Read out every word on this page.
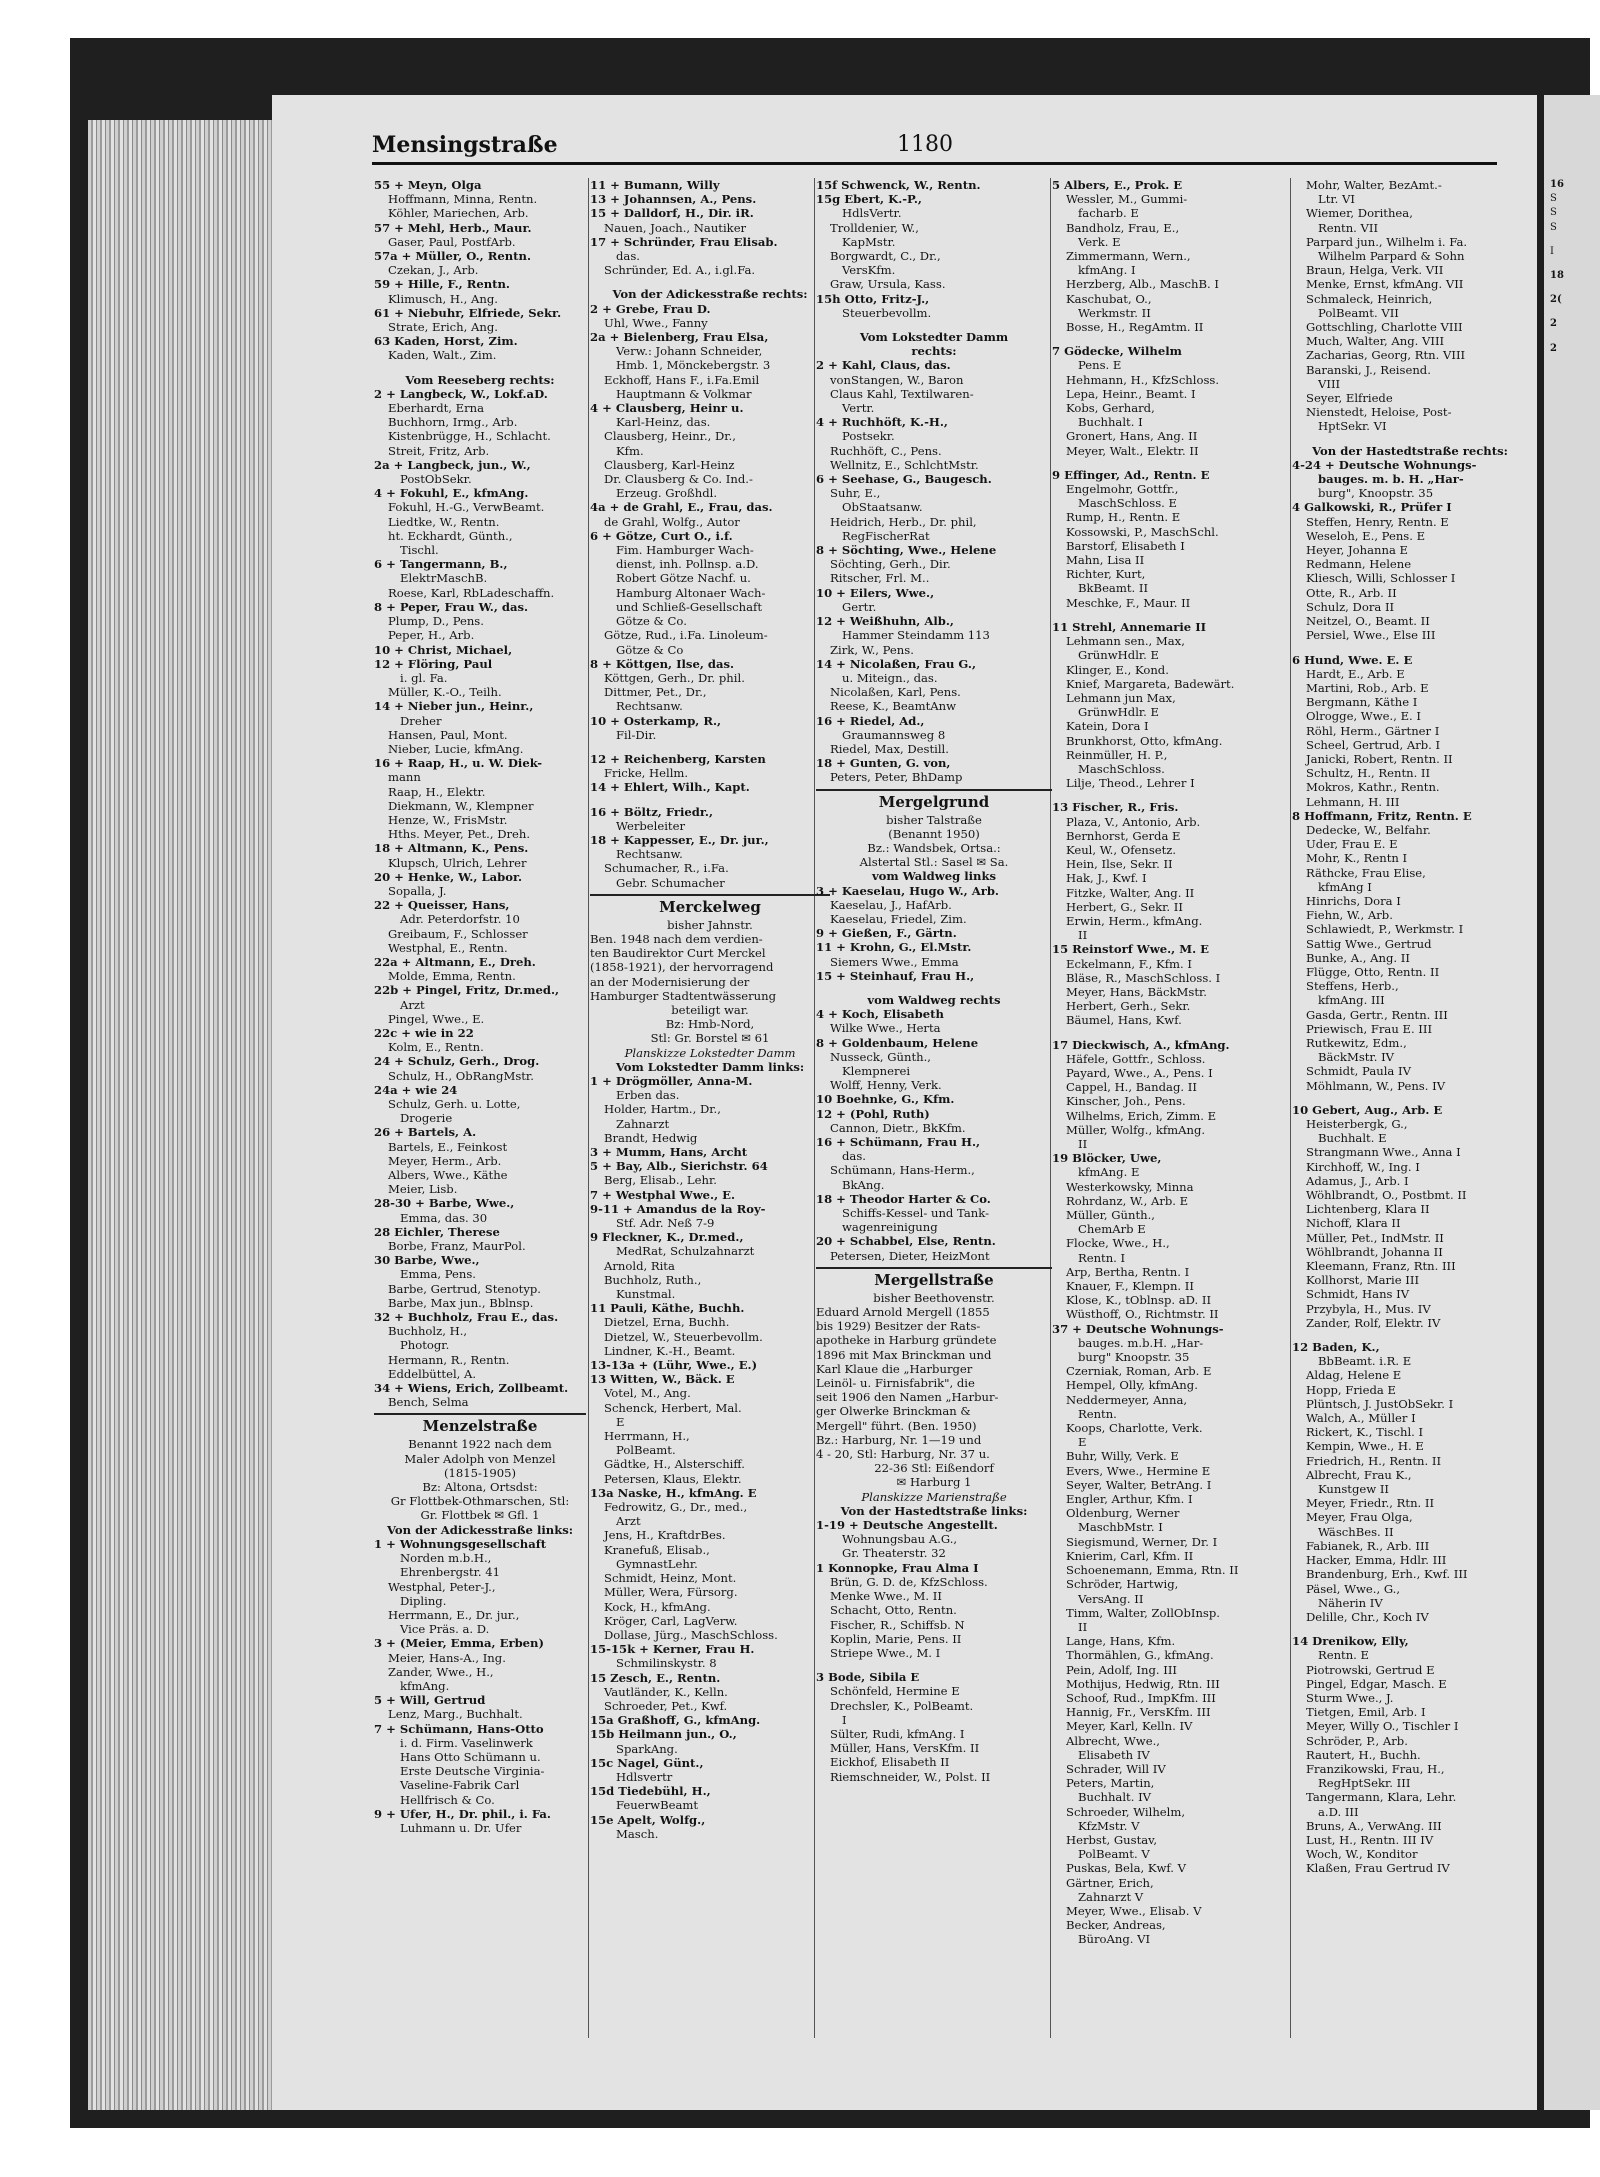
Mensingstraße	1180
55 + Meyn, Olga
Hoffmann, Minna, Rentn.
Köhler, Mariechen, Arb.
57 + Mehl, Herb., Maur.
Gaser, Paul, PostfArb.
57a + Müller, O., Rentn.
Czekan, J., Arb.
59 + Hille, F., Rentn.
Klimusch, H., Ang.
61 + Niebuhr, Elfriede, Sekr.
Strate, Erich, Ang.
63 Kaden, Horst, Zim.
Kaden, Walt., Zim.
Vom Reeseberg rechts:
2 + Langbeck, W., Lokf.aD.
Eberhardt, Erna
Buchhorn, Irmg., Arb.
Kistenbrügge, H., Schlacht.
Streit, Fritz, Arb.
2a + Langbeck, jun., W.,
PostObSekr.
4 + Fokuhl, E., kfmAng.
Fokuhl, H.-G., VerwBeamt.
Liedtke, W., Rentn.
ht. Eckhardt, Günth.,
Tischl.
6 + Tangermann, B.,
ElektrMaschB.
Roese, Karl, RbLadeschaffn.
8 + Peper, Frau W., das.
Plump, D., Pens.
Peper, H., Arb.
10 + Christ, Michael,
12 + Flöring, Paul
i. gl. Fa.
Müller, K.-O., Teilh.
14 + Nieber jun., Heinr.,
Dreher
Hansen, Paul, Mont.
Nieber, Lucie, kfmAng.
16 + Raap, H., u. W. Diek-
mann
Raap, H., Elektr.
Diekmann, W., Klempner
Henze, W., FrisMstr.
Hths. Meyer, Pet., Dreh.
18 + Altmann, K., Pens.
Klupsch, Ulrich, Lehrer
20 + Henke, W., Labor.
Sopalla, J.
22 + Queisser, Hans,
Adr. Peterdorfstr. 10
Greibaum, F., Schlosser
Westphal, E., Rentn.
22a + Altmann, E., Dreh.
Molde, Emma, Rentn.
22b + Pingel, Fritz, Dr.med.,
Arzt
Pingel, Wwe., E.
22c + wie in 22
Kolm, E., Rentn.
24 + Schulz, Gerh., Drog.
Schulz, H., ObRangMstr.
24a + wie 24
Schulz, Gerh. u. Lotte,
Drogerie
26 + Bartels, A.
Bartels, E., Feinkost
Meyer, Herm., Arb.
Albers, Wwe., Käthe
Meier, Lisb.
28-30 + Barbe, Wwe.,
Emma, das. 30
28 Eichler, Therese
Borbe, Franz, MaurPol.
30 Barbe, Wwe.,
Emma, Pens.
Barbe, Gertrud, Stenotyp.
Barbe, Max jun., Bblnsp.
32 + Buchholz, Frau E., das.
Buchholz, H.,
Photogr.
Hermann, R., Rentn.
Eddelbüttel, A.
34 + Wiens, Erich, Zollbeamt.
Bench, Selma
Menzelstraße
Benannt 1922 nach dem
Maler Adolph von Menzel
(1815-1905)
Bz: Altona, Ortsdst:
Gr Flottbek-Othmarschen, Stl:
Gr. Flottbek ✉ Gfl. 1
Von der Adickesstraße links:
1 + Wohnungsgesellschaft
Norden m.b.H.,
Ehrenbergstr. 41
Westphal, Peter-J.,
Dipling.
Herrmann, E., Dr. jur.,
Vice Präs. a. D.
3 + (Meier, Emma, Erben)
Meier, Hans-A., Ing.
Zander, Wwe., H.,
kfmAng.
5 + Will, Gertrud
Lenz, Marg., Buchhalt.
7 + Schümann, Hans-Otto
i. d. Firm. Vaselinwerk
Hans Otto Schümann u.
Erste Deutsche Virginia-
Vaseline-Fabrik Carl
Hellfrisch & Co.
9 + Ufer, H., Dr. phil., i. Fa.
Luhmann u. Dr. Ufer
11 + Bumann, Willy
13 + Johannsen, A., Pens.
15 + Dalldorf, H., Dir. iR.
Nauen, Joach., Nautiker
17 + Schründer, Frau Elisab.
das.
Schründer, Ed. A., i.gl.Fa.
Von der Adickesstraße rechts:
2 + Grebe, Frau D.
Uhl, Wwe., Fanny
2a + Bielenberg, Frau Elsa,
Verw.: Johann Schneider,
Hmb. 1, Mönckebergstr. 3
Eckhoff, Hans F., i.Fa.Emil
Hauptmann & Volkmar
4 + Clausberg, Heinr u.
Karl-Heinz, das.
Clausberg, Heinr., Dr.,
Kfm.
Clausberg, Karl-Heinz
Dr. Clausberg & Co. Ind.-
Erzeug. Großhdl.
4a + de Grahl, E., Frau, das.
de Grahl, Wolfg., Autor
6 + Götze, Curt O., i.f.
Fim. Hamburger Wach-
dienst, inh. Pollnsp. a.D.
Robert Götze Nachf. u.
Hamburg Altonaer Wach-
und Schließ-Gesellschaft
Götze & Co.
Götze, Rud., i.Fa. Linoleum-
Götze & Co
8 + Köttgen, Ilse, das.
Köttgen, Gerh., Dr. phil.
Dittmer, Pet., Dr.,
Rechtsanw.
10 + Osterkamp, R.,
Fil-Dir.
12 + Reichenberg, Karsten
Fricke, Hellm.
14 + Ehlert, Wilh., Kapt.
16 + Böltz, Friedr.,
Werbeleiter
18 + Kappesser, E., Dr. jur.,
Rechtsanw.
Schumacher, R., i.Fa.
Gebr. Schumacher
Merckelweg
bisher Jahnstr.
Ben. 1948 nach dem verdien-
ten Baudirektor Curt Merckel
(1858-1921), der hervorragend
an der Modernisierung der
Hamburger Stadtentwässerung
beteiligt war.
Bz: Hmb-Nord,
Stl: Gr. Borstel ✉ 61
Planskizze Lokstedter Damm
Vom Lokstedter Damm links:
1 + Drögmöller, Anna-M.
Erben das.
Holder, Hartm., Dr.,
Zahnarzt
Brandt, Hedwig
3 + Mumm, Hans, Archt
5 + Bay, Alb., Sierichstr. 64
Berg, Elisab., Lehr.
7 + Westphal Wwe., E.
9-11 + Amandus de la Roy-
Stf. Adr. Neß 7-9
9 Fleckner, K., Dr.med.,
MedRat, Schulzahnarzt
Arnold, Rita
Buchholz, Ruth.,
Kunstmal.
11 Pauli, Käthe, Buchh.
Dietzel, Erna, Buchh.
Dietzel, W., Steuerbevollm.
Lindner, K.-H., Beamt.
13-13a + (Lühr, Wwe., E.)
13 Witten, W., Bäck. E
Votel, M., Ang.
Schenck, Herbert, Mal.
E
Herrmann, H.,
PolBeamt.
Gädtke, H., Alsterschiff.
Petersen, Klaus, Elektr.
13a Naske, H., kfmAng. E
Fedrowitz, G., Dr., med.,
Arzt
Jens, H., KraftdrBes.
Kranefuß, Elisab.,
GymnastLehr.
Schmidt, Heinz, Mont.
Müller, Wera, Fürsorg.
Kock, H., kfmAng.
Kröger, Carl, LagVerw.
Dollase, Jürg., MaschSchloss.
15-15k + Kerner, Frau H.
Schmilinskystr. 8
15 Zesch, E., Rentn.
Vautländer, K., Kelln.
Schroeder, Pet., Kwf.
15a Graßhoff, G., kfmAng.
15b Heilmann jun., O.,
SparkAng.
15c Nagel, Günt.,
Hdlsvertr
15d Tiedebühl, H.,
FeuerwBeamt
15e Apelt, Wolfg.,
Masch.
15f Schwenck, W., Rentn.
15g Ebert, K.-P.,
HdlsVertr.
Trolldenier, W.,
KapMstr.
Borgwardt, C., Dr.,
VersKfm.
Graw, Ursula, Kass.
15h Otto, Fritz-J.,
Steuerbevollm.
Vom Lokstedter Damm
rechts:
2 + Kahl, Claus, das.
vonStangen, W., Baron
Claus Kahl, Textilwaren-
Vertr.
4 + Ruchhöft, K.-H.,
Postsekr.
Ruchhöft, C., Pens.
Wellnitz, E., SchlchtMstr.
6 + Seehase, G., Baugesch.
Suhr, E.,
ObStaatsanw.
Heidrich, Herb., Dr. phil,
RegFischerRat
8 + Söchting, Wwe., Helene
Söchting, Gerh., Dir.
Ritscher, Frl. M..
10 + Eilers, Wwe.,
Gertr.
12 + Weißhuhn, Alb.,
Hammer Steindamm 113
Zirk, W., Pens.
14 + Nicolaßen, Frau G.,
u. Miteign., das.
Nicolaßen, Karl, Pens.
Reese, K., BeamtAnw
16 + Riedel, Ad.,
Graumannsweg 8
Riedel, Max, Destill.
18 + Gunten, G. von,
Peters, Peter, BhDamp
Mergelgrund
bisher Talstraße
(Benannt 1950)
Bz.: Wandsbek, Ortsa.:
Alstertal Stl.: Sasel ✉ Sa.
vom Waldweg links
3 + Kaeselau, Hugo W., Arb.
Kaeselau, J., HafArb.
Kaeselau, Friedel, Zim.
9 + Gießen, F., Gärtn.
11 + Krohn, G., El.Mstr.
Siemers Wwe., Emma
15 + Steinhauf, Frau H.,
vom Waldweg rechts
4 + Koch, Elisabeth
Wilke Wwe., Herta
8 + Goldenbaum, Helene
Nusseck, Günth.,
Klempnerei
Wolff, Henny, Verk.
10 Boehnke, G., Kfm.
12 + (Pohl, Ruth)
Cannon, Dietr., BkKfm.
16 + Schümann, Frau H.,
das.
Schümann, Hans-Herm.,
BkAng.
18 + Theodor Harter & Co.
Schiffs-Kessel- und Tank-
wagenreinigung
20 + Schabbel, Else, Rentn.
Petersen, Dieter, HeizMont
Mergellstraße
bisher Beethovenstr.
Eduard Arnold Mergell (1855
bis 1929) Besitzer der Rats-
apotheke in Harburg gründete
1896 mit Max Brinckman und
Karl Klaue die „Harburger
Leinöl- u. Firnisfabrik", die
seit 1906 den Namen „Harbur-
ger Olwerke Brinckman &
Mergell" führt. (Ben. 1950)
Bz.: Harburg, Nr. 1—19 und
4 - 20, Stl: Harburg, Nr. 37 u.
22-36 Stl: Eißendorf
✉ Harburg 1
Planskizze Marienstraße
Von der Hastedtstraße links:
1-19 + Deutsche Angestellt.
Wohnungsbau A.G.,
Gr. Theaterstr. 32
1 Konnopke, Frau Alma I
Brün, G. D. de, KfzSchloss.
Menke Wwe., M. II
Schacht, Otto, Rentn.
Fischer, R., Schiffsb. N
Koplin, Marie, Pens. II
Striepe Wwe., M. I
3 Bode, Sibila E
Schönfeld, Hermine E
Drechsler, K., PolBeamt.
I
Sülter, Rudi, kfmAng. I
Müller, Hans, VersKfm. II
Eickhof, Elisabeth II
Riemschneider, W., Polst. II
5 Albers, E., Prok. E
Wessler, M., Gummi-
facharb. E
Bandholz, Frau, E.,
Verk. E
Zimmermann, Wern.,
kfmAng. I
Herzberg, Alb., MaschB. I
Kaschubat, O.,
Werkmstr. II
Bosse, H., RegAmtm. II
7 Gödecke, Wilhelm
Pens. E
Hehmann, H., KfzSchloss.
Lepa, Heinr., Beamt. I
Kobs, Gerhard,
Buchhalt. I
Gronert, Hans, Ang. II
Meyer, Walt., Elektr. II
9 Effinger, Ad., Rentn. E
Engelmohr, Gottfr.,
MaschSchloss. E
Rump, H., Rentn. E
Kossowski, P., MaschSchl.
Barstorf, Elisabeth I
Mahn, Lisa II
Richter, Kurt,
BkBeamt. II
Meschke, F., Maur. II
11 Strehl, Annemarie II
Lehmann sen., Max,
GrünwHdlr. E
Klinger, E., Kond.
Knief, Margareta, Badewärt.
Lehmann jun Max,
GrünwHdlr. E
Katein, Dora I
Brunkhorst, Otto, kfmAng.
Reinmüller, H. P.,
MaschSchloss.
Lilje, Theod., Lehrer I
13 Fischer, R., Fris.
Plaza, V., Antonio, Arb.
Bernhorst, Gerda E
Keul, W., Ofensetz.
Hein, Ilse, Sekr. II
Hak, J., Kwf. I
Fitzke, Walter, Ang. II
Herbert, G., Sekr. II
Erwin, Herm., kfmAng.
II
15 Reinstorf Wwe., M. E
Eckelmann, F., Kfm. I
Bläse, R., MaschSchloss. I
Meyer, Hans, BäckMstr.
Herbert, Gerh., Sekr.
Bäumel, Hans, Kwf.
17 Dieckwisch, A., kfmAng.
Häfele, Gottfr., Schloss.
Payard, Wwe., A., Pens. I
Cappel, H., Bandag. II
Kinscher, Joh., Pens.
Wilhelms, Erich, Zimm. E
Müller, Wolfg., kfmAng.
II
19 Blöcker, Uwe,
kfmAng. E
Westerkowsky, Minna
Rohrdanz, W., Arb. E
Müller, Günth.,
ChemArb E
Flocke, Wwe., H.,
Rentn. I
Arp, Bertha, Rentn. I
Knauer, F., Klempn. II
Klose, K., tOblnsp. aD. II
Wüsthoff, O., Richtmstr. II
37 + Deutsche Wohnungs-
bauges. m.b.H. „Har-
burg" Knoopstr. 35
Czerniak, Roman, Arb. E
Hempel, Olly, kfmAng.
Neddermeyer, Anna,
Rentn.
Koops, Charlotte, Verk.
E
Buhr, Willy, Verk. E
Evers, Wwe., Hermine E
Seyer, Walter, BetrAng. I
Engler, Arthur, Kfm. I
Oldenburg, Werner
MaschbMstr. I
Siegismund, Werner, Dr. I
Knierim, Carl, Kfm. II
Schoenemann, Emma, Rtn. II
Schröder, Hartwig,
VersAng. II
Timm, Walter, ZollObInsp.
II
Lange, Hans, Kfm.
Thormählen, G., kfmAng.
Pein, Adolf, Ing. III
Mothijus, Hedwig, Rtn. III
Schoof, Rud., ImpKfm. III
Hannig, Fr., VersKfm. III
Meyer, Karl, Kelln. IV
Albrecht, Wwe.,
Elisabeth IV
Schrader, Will IV
Peters, Martin,
Buchhalt. IV
Schroeder, Wilhelm,
KfzMstr. V
Herbst, Gustav,
PolBeamt. V
Puskas, Bela, Kwf. V
Gärtner, Erich,
Zahnarzt V
Meyer, Wwe., Elisab. V
Becker, Andreas,
BüroAng. VI
Mohr, Walter, BezAmt.-
Ltr. VI
Wiemer, Dorithea,
Rentn. VII
Parpard jun., Wilhelm i. Fa.
Wilhelm Parpard & Sohn
Braun, Helga, Verk. VII
Menke, Ernst, kfmAng. VII
Schmaleck, Heinrich,
PolBeamt. VII
Gottschling, Charlotte VIII
Much, Walter, Ang. VIII
Zacharias, Georg, Rtn. VIII
Baranski, J., Reisend.
VIII
Seyer, Elfriede
Nienstedt, Heloise, Post-
HptSekr. VI
Von der Hastedtstraße rechts:
4-24 + Deutsche Wohnungs-
bauges. m. b. H. „Har-
burg", Knoopstr. 35
4 Galkowski, R., Prüfer I
Steffen, Henry, Rentn. E
Weseloh, E., Pens. E
Heyer, Johanna E
Redmann, Helene
Kliesch, Willi, Schlosser I
Otte, R., Arb. II
Schulz, Dora II
Neitzel, O., Beamt. II
Persiel, Wwe., Else III
6 Hund, Wwe. E. E
Hardt, E., Arb. E
Martini, Rob., Arb. E
Bergmann, Käthe I
Olrogge, Wwe., E. I
Röhl, Herm., Gärtner I
Scheel, Gertrud, Arb. I
Janicki, Robert, Rentn. II
Schultz, H., Rentn. II
Mokros, Kathr., Rentn.
Lehmann, H. III
8 Hoffmann, Fritz, Rentn. E
Dedecke, W., Belfahr.
Uder, Frau E. E
Mohr, K., Rentn I
Räthcke, Frau Elise,
kfmAng I
Hinrichs, Dora I
Fiehn, W., Arb.
Schlawiedt, P., Werkmstr. I
Sattig Wwe., Gertrud
Bunke, A., Ang. II
Flügge, Otto, Rentn. II
Steffens, Herb.,
kfmAng. III
Gasda, Gertr., Rentn. III
Priewisch, Frau E. III
Rutkewitz, Edm.,
BäckMstr. IV
Schmidt, Paula IV
Möhlmann, W., Pens. IV
10 Gebert, Aug., Arb. E
Heisterbergk, G.,
Buchhalt. E
Strangmann Wwe., Anna I
Kirchhoff, W., Ing. I
Adamus, J., Arb. I
Wöhlbrandt, O., Postbmt. II
Lichtenberg, Klara II
Nichoff, Klara II
Müller, Pet., IndMstr. II
Wöhlbrandt, Johanna II
Kleemann, Franz, Rtn. III
Kollhorst, Marie III
Schmidt, Hans IV
Przybyla, H., Mus. IV
Zander, Rolf, Elektr. IV
12 Baden, K.,
BbBeamt. i.R. E
Aldag, Helene E
Hopp, Frieda E
Plüntsch, J. JustObSekr. I
Walch, A., Müller I
Rickert, K., Tischl. I
Kempin, Wwe., H. E
Friedrich, H., Rentn. II
Albrecht, Frau K.,
Kunstgew II
Meyer, Friedr., Rtn. II
Meyer, Frau Olga,
WäschBes. II
Fabianek, R., Arb. III
Hacker, Emma, Hdlr. III
Brandenburg, Erh., Kwf. III
Päsel, Wwe., G.,
Näherin IV
Delille, Chr., Koch IV
14 Drenikow, Elly,
Rentn. E
Piotrowski, Gertrud E
Pingel, Edgar, Masch. E
Sturm Wwe., J.
Tietgen, Emil, Arb. I
Meyer, Willy O., Tischler I
Schröder, P., Arb.
Rautert, H., Buchh.
Franzikowski, Frau, H.,
RegHptSekr. III
Tangermann, Klara, Lehr.
a.D. III
Bruns, A., VerwAng. III
Lust, H., Rentn. III IV
Woch, W., Konditor
Klaßen, Frau Gertrud IV
16
S
S
S
I
18
2(
2
2
